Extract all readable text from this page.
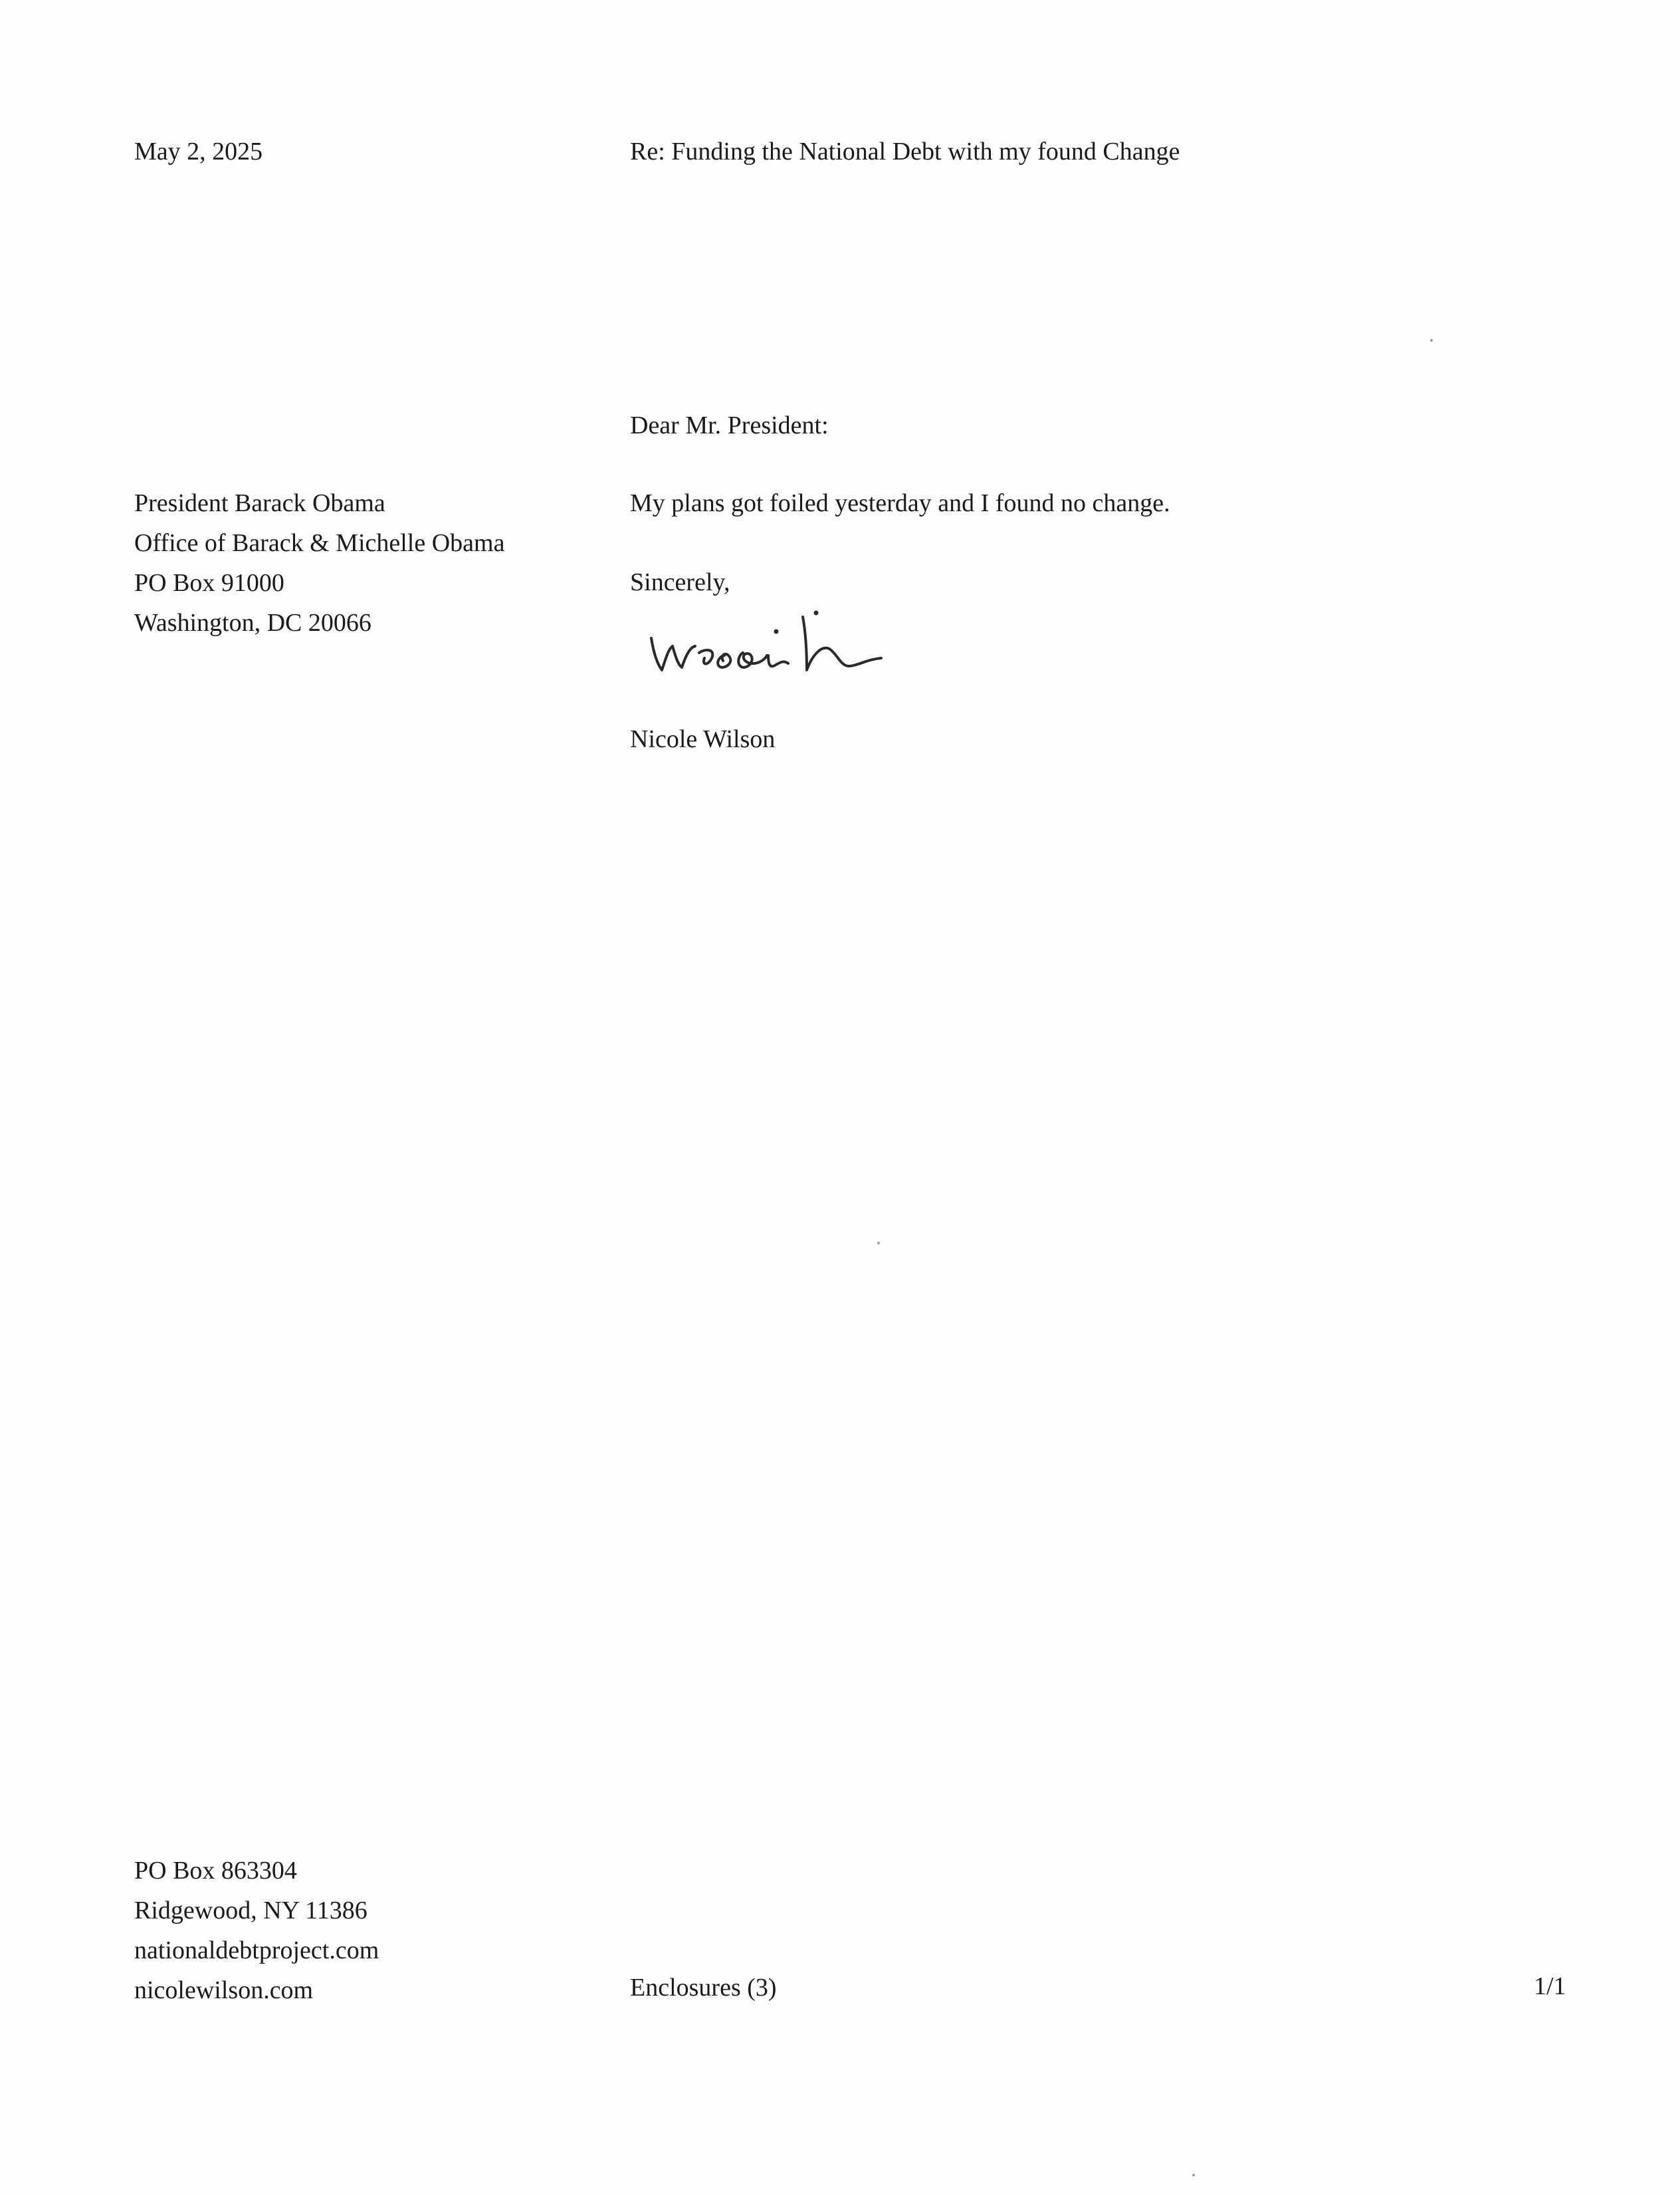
May 2, 2025	Re: Funding the National Debt with my found Change
Dear Mr. President:
President Barack Obama
Office of Barack & Michelle Obama
PO Box 91000
Washington, DC 20066
My plans got foiled yesterday and I found no change.
Sincerely,
Nicole Wilson
PO Box 863304
Ridgewood, NY 11386
nationaldebtproject.com
nicolewilson.com	Enclosures (3)	1/1
